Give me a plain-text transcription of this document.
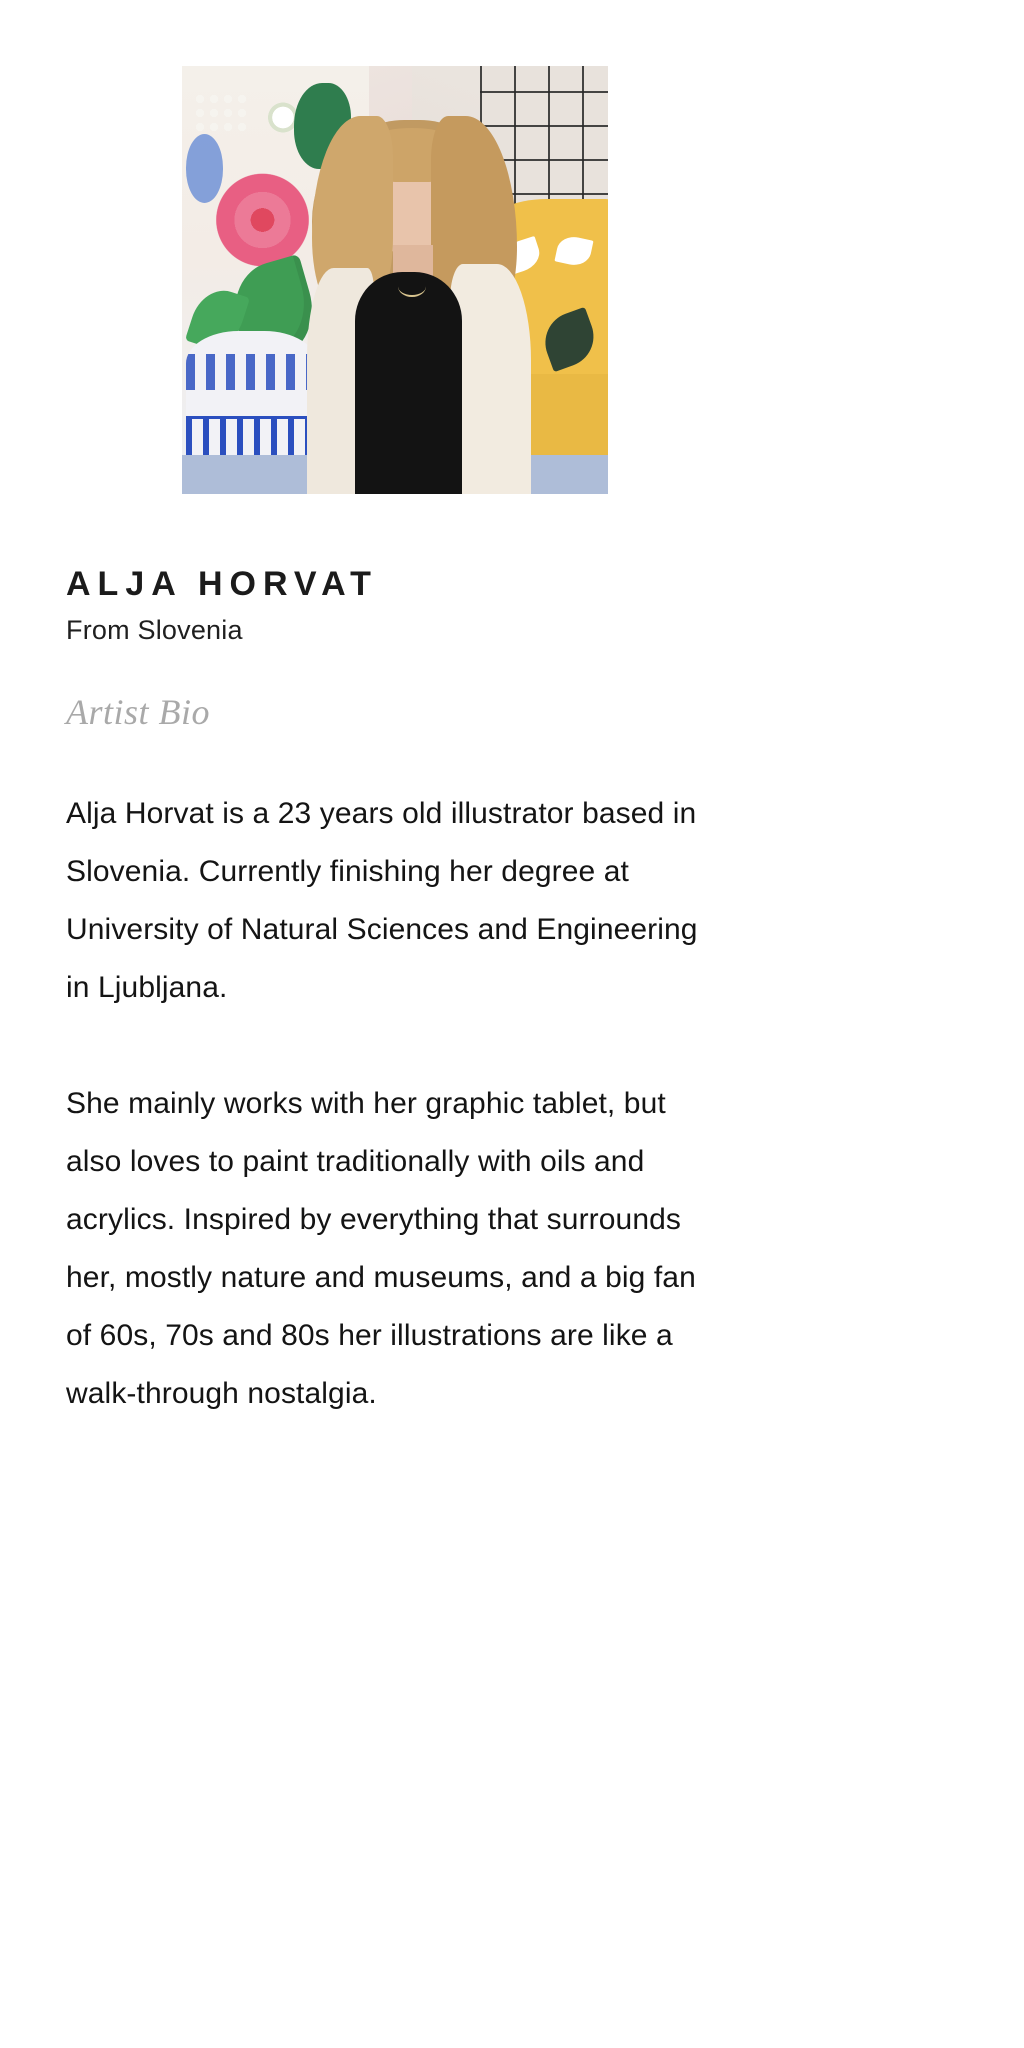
ALJA HORVAT
From Slovenia
Artist Bio

Alja Horvat is a 23 years old illustrator based in Slovenia. Currently finishing her degree at University of Natural Sciences and Engineering in Ljubljana.

She mainly works with her graphic tablet, but also loves to paint traditionally with oils and acrylics. Inspired by everything that surrounds her, mostly nature and museums, and a big fan of 60s, 70s and 80s her illustrations are like a walk-through nostalgia.
